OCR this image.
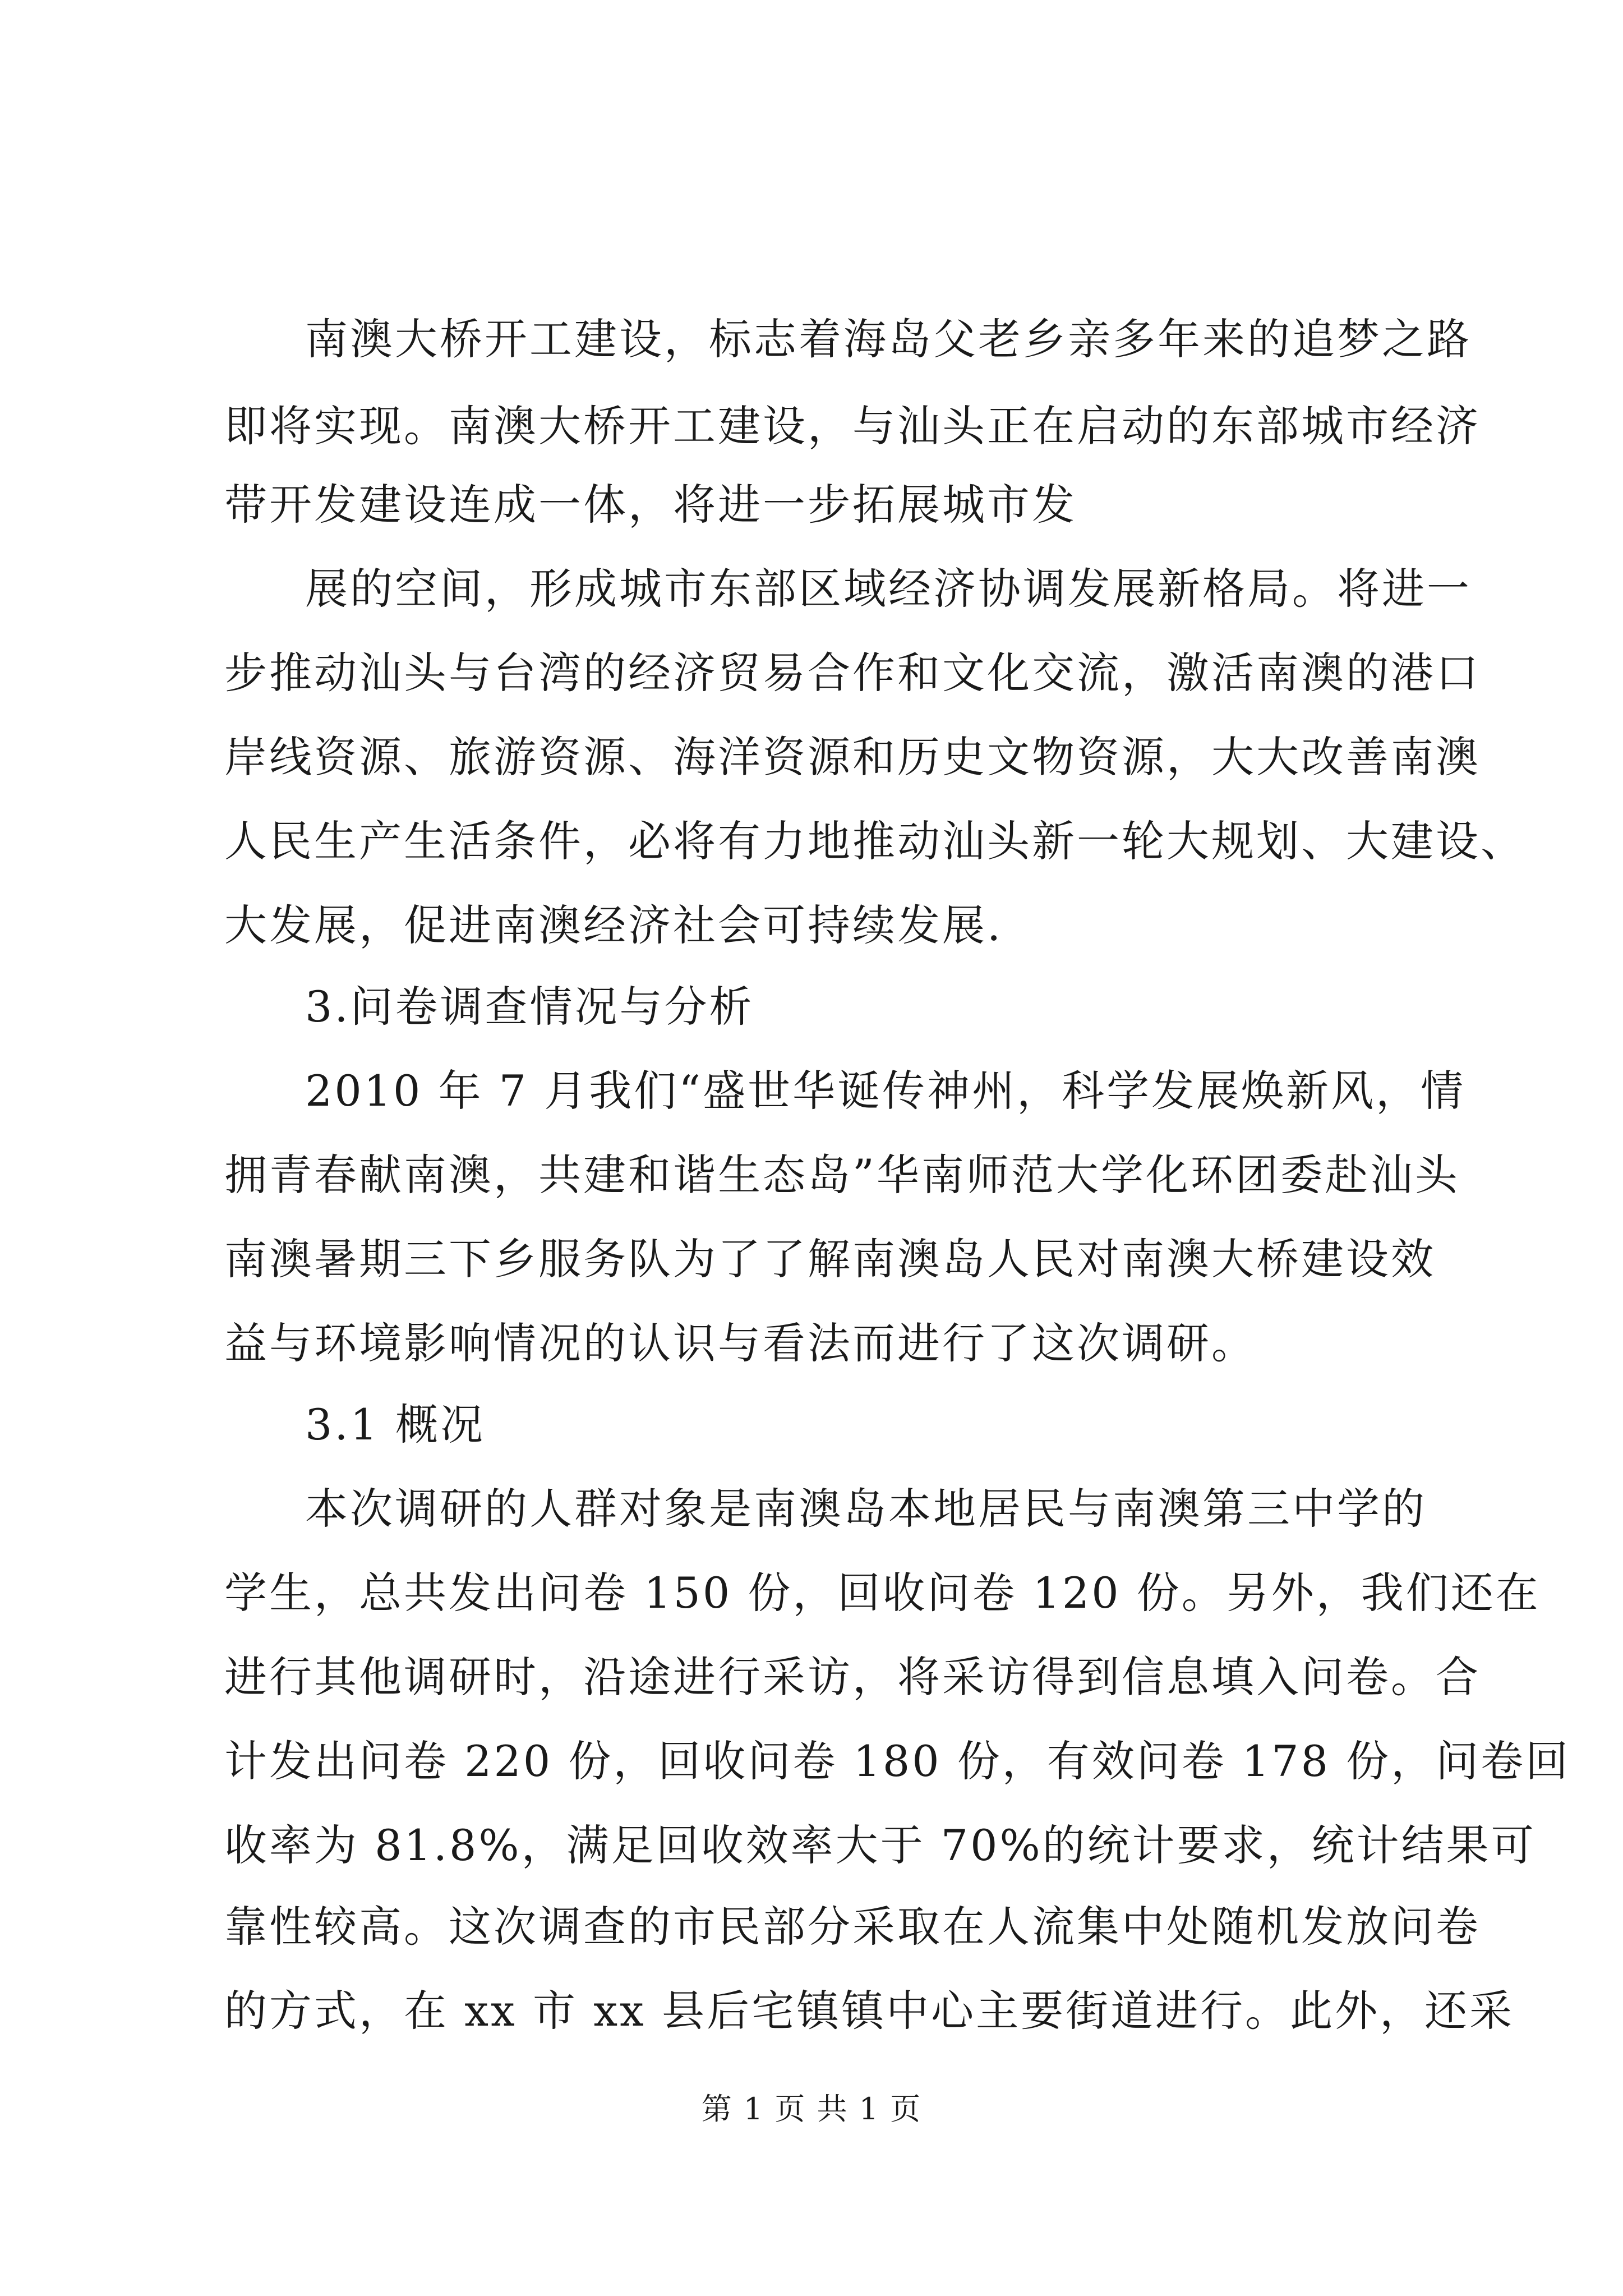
南澳大桥开工建设，标志着海岛父老乡亲多年来的追梦之路
即将实现。南澳大桥开工建设，与汕头正在启动的东部城市经济
带开发建设连成一体，将进一步拓展城市发
展的空间，形成城市东部区域经济协调发展新格局。将进一
步推动汕头与台湾的经济贸易合作和文化交流，激活南澳的港口
岸线资源、旅游资源、海洋资源和历史文物资源，大大改善南澳
人民生产生活条件，必将有力地推动汕头新一轮大规划、大建设、
大发展，促进南澳经济社会可持续发展.
3.问卷调查情况与分析
2010 年 7 月我们“盛世华诞传神州，科学发展焕新风，情
拥青春献南澳，共建和谐生态岛”华南师范大学化环团委赴汕头
南澳暑期三下乡服务队为了了解南澳岛人民对南澳大桥建设效
益与环境影响情况的认识与看法而进行了这次调研。
3.1 概况
本次调研的人群对象是南澳岛本地居民与南澳第三中学的
学生，总共发出问卷 150 份，回收问卷 120 份。另外，我们还在
进行其他调研时，沿途进行采访，将采访得到信息填入问卷。合
计发出问卷 220 份，回收问卷 180 份，有效问卷 178 份，问卷回
收率为 81.8%，满足回收效率大于 70%的统计要求，统计结果可
靠性较高。这次调查的市民部分采取在人流集中处随机发放问卷
的方式，在 xx 市 xx 县后宅镇镇中心主要街道进行。此外，还采
第 1 页 共 1 页
